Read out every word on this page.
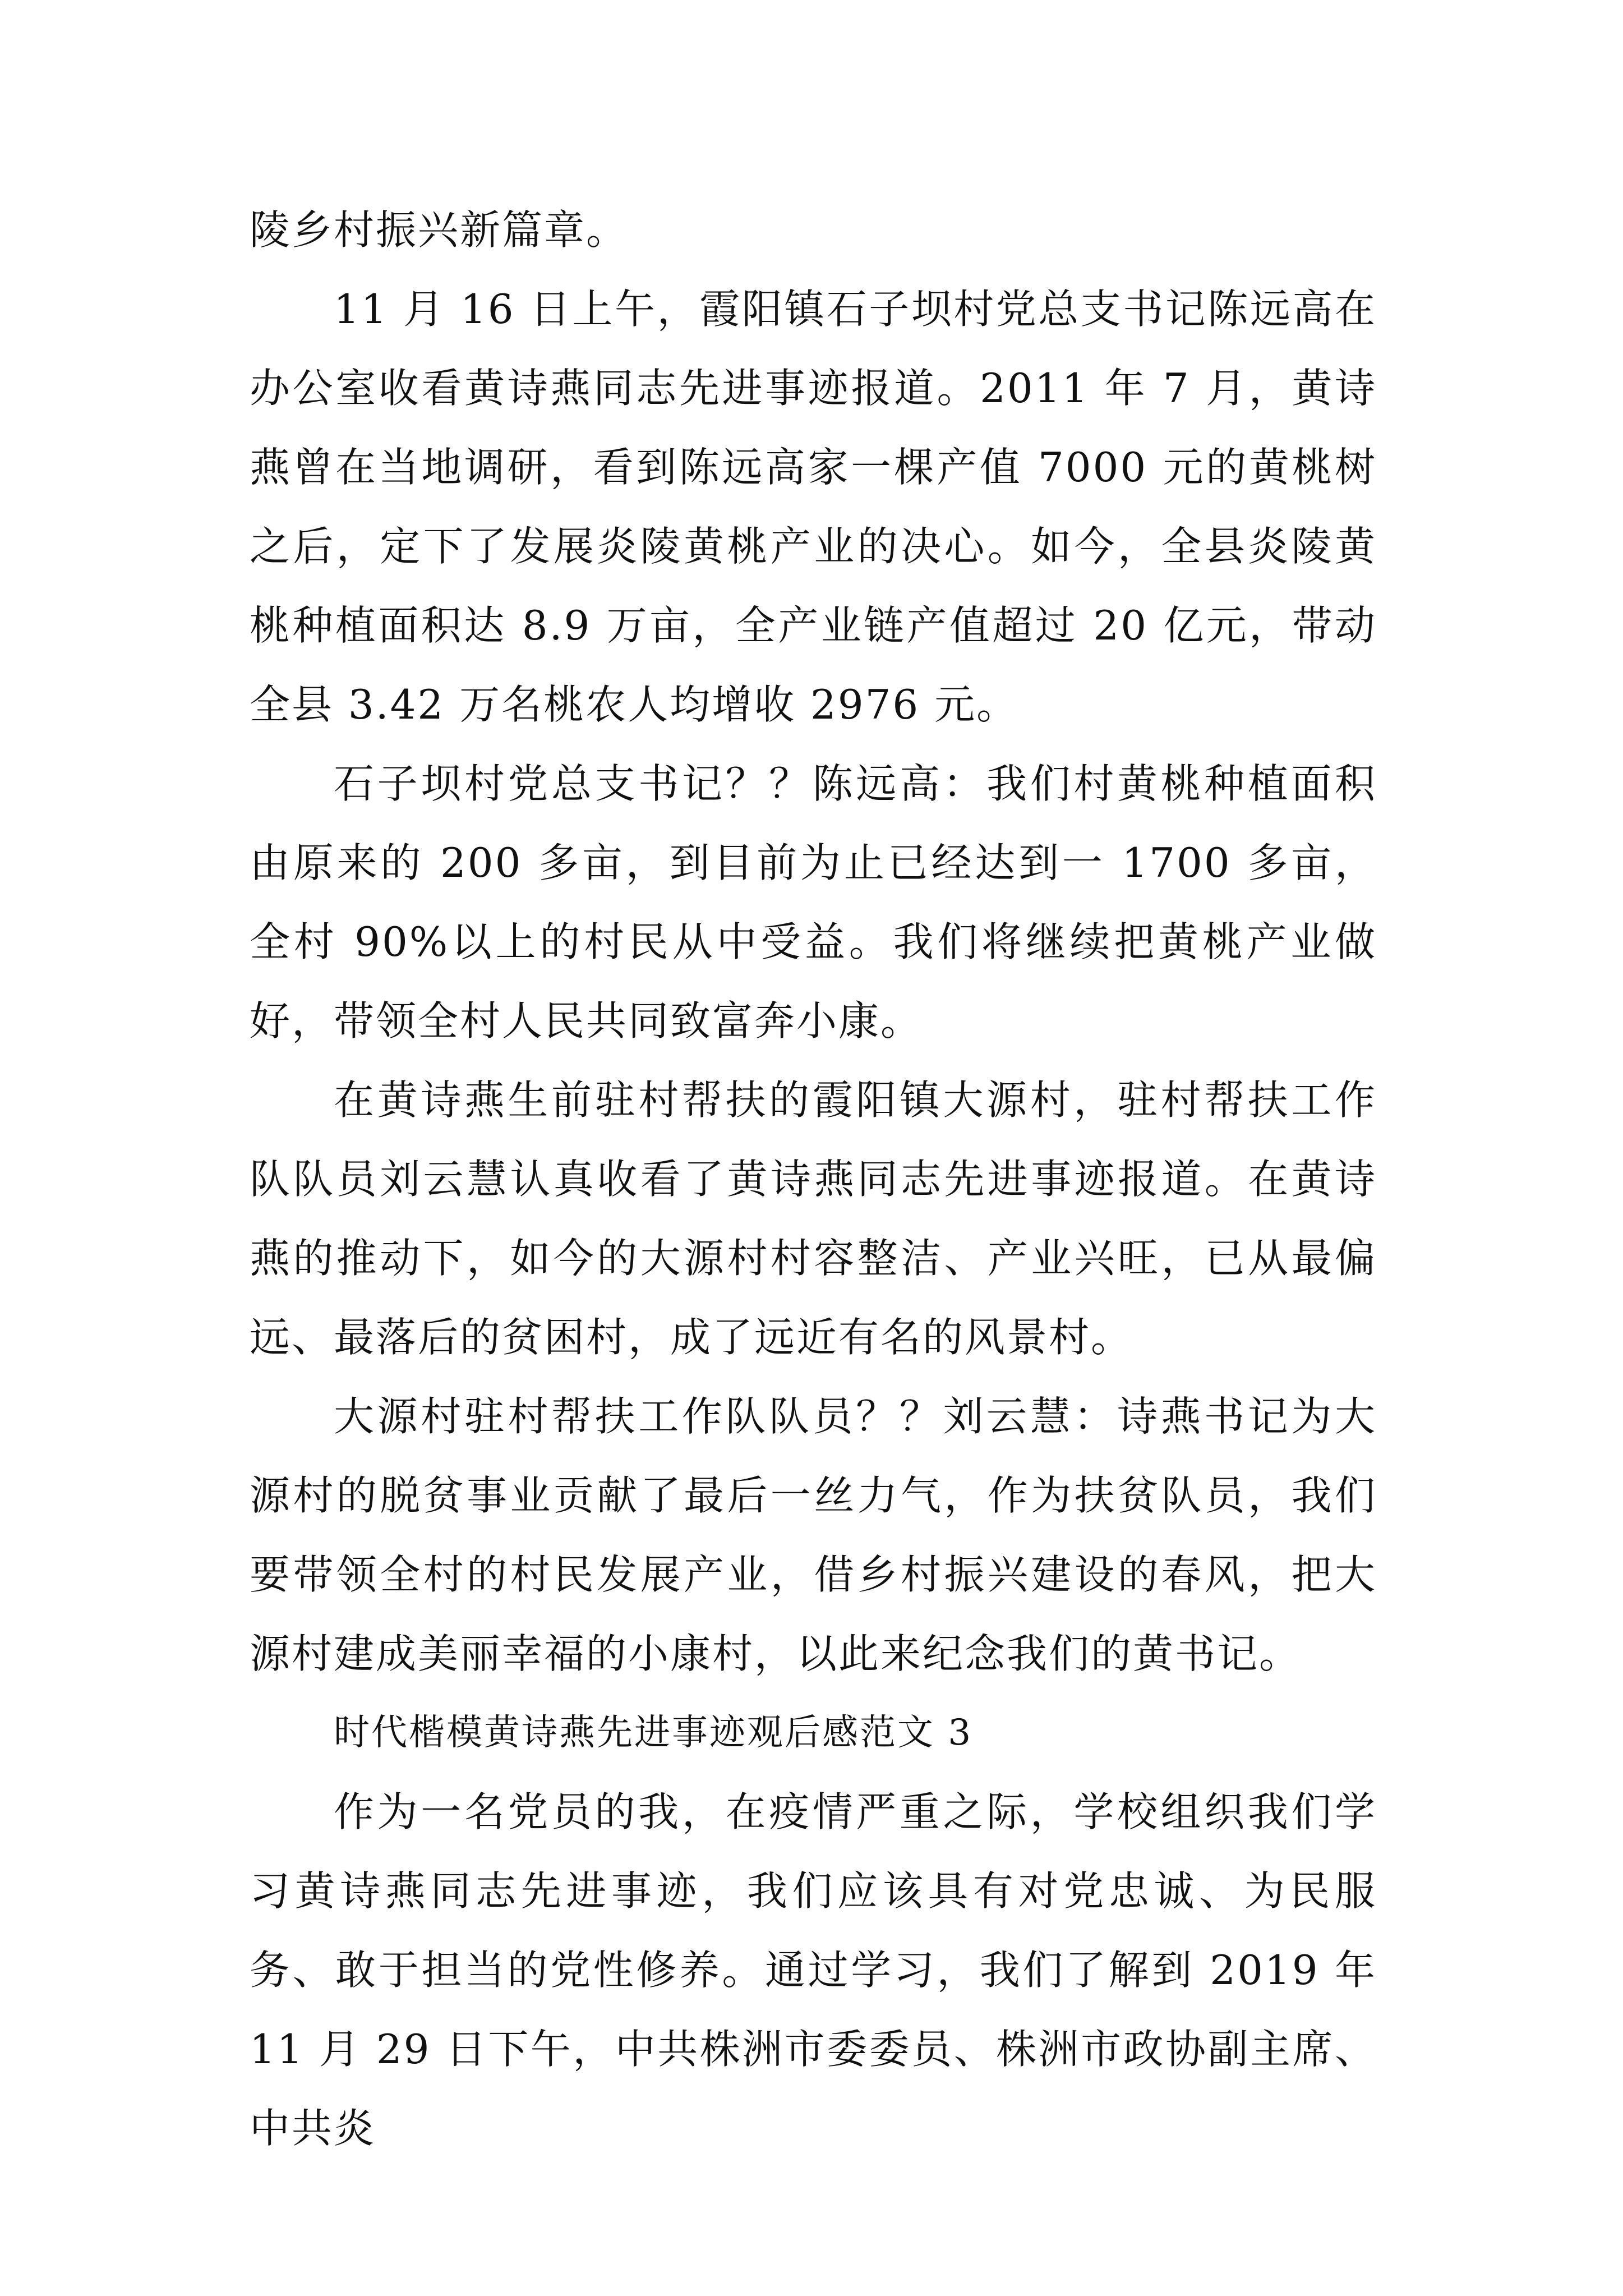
陵乡村振兴新篇章。

11 月 16 日上午，霞阳镇石子坝村党总支书记陈远高在办公室收看黄诗燕同志先进事迹报道。2011 年 7 月，黄诗燕曾在当地调研，看到陈远高家一棵产值 7000 元的黄桃树之后，定下了发展炎陵黄桃产业的决心。如今，全县炎陵黄桃种植面积达 8.9 万亩，全产业链产值超过 20 亿元，带动全县 3.42 万名桃农人均增收 2976 元。

石子坝村党总支书记？？陈远高：我们村黄桃种植面积由原来的 200 多亩，到目前为止已经达到一 1700 多亩，全村 90%以上的村民从中受益。我们将继续把黄桃产业做好，带领全村人民共同致富奔小康。

在黄诗燕生前驻村帮扶的霞阳镇大源村，驻村帮扶工作队队员刘云慧认真收看了黄诗燕同志先进事迹报道。在黄诗燕的推动下，如今的大源村村容整洁、产业兴旺，已从最偏远、最落后的贫困村，成了远近有名的风景村。

大源村驻村帮扶工作队队员？？刘云慧：诗燕书记为大源村的脱贫事业贡献了最后一丝力气，作为扶贫队员，我们要带领全村的村民发展产业，借乡村振兴建设的春风，把大源村建成美丽幸福的小康村，以此来纪念我们的黄书记。

时代楷模黄诗燕先进事迹观后感范文 3

作为一名党员的我，在疫情严重之际，学校组织我们学习黄诗燕同志先进事迹，我们应该具有对党忠诚、为民服务、敢于担当的党性修养。通过学习，我们了解到 2019 年 11 月 29 日下午，中共株洲市委委员、株洲市政协副主席、中共炎
